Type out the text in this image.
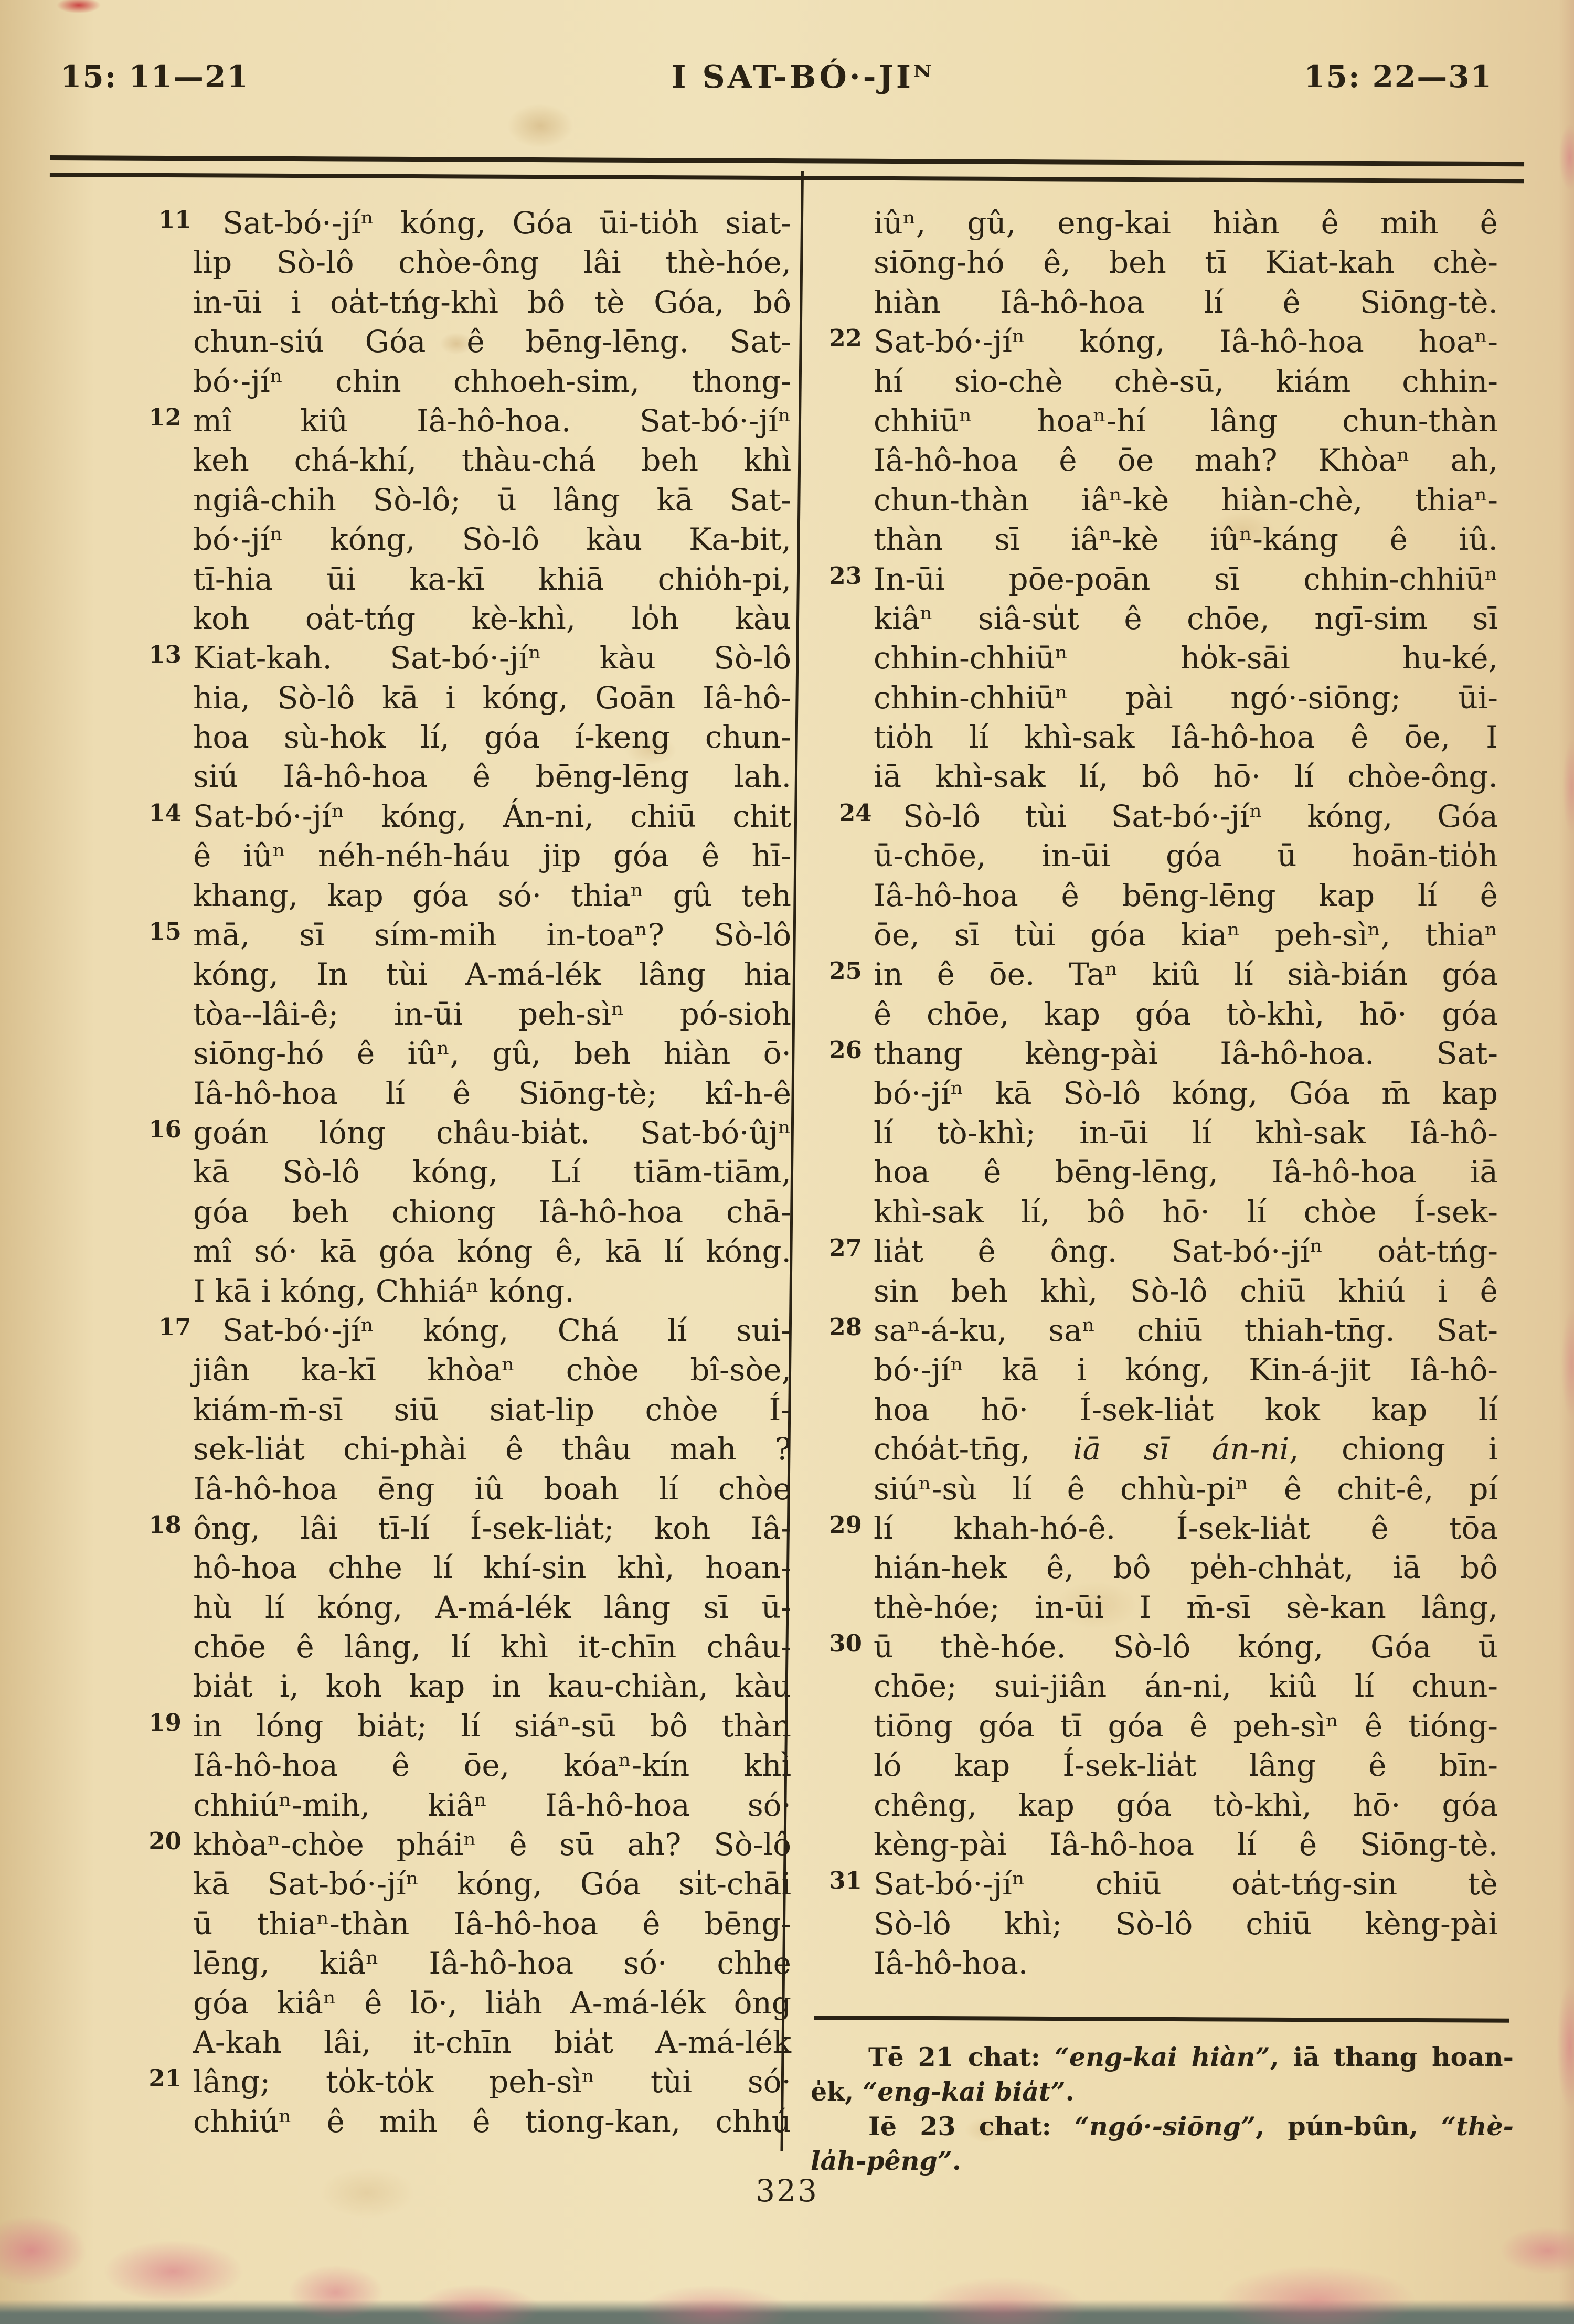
15: 11—21	I SAT-BÓ·-JIᴺ	15: 22—31
11 Sat-bó·-jíⁿ kóng, Góa ūi-tio̍h siat-
lip Sò-lô chòe-ông lâi thè-hóe,
in-ūi i oa̍t-tńg-khì bô tè Góa, bô
chun-siú Góa ê bēng-lēng. Sat-
bó·-jíⁿ chin chhoeh-sim, thong-
12 mî kiû Iâ-hô-hoa. Sat-bó·-jíⁿ
keh chá-khí, thàu-chá beh khì
ngiâ-chih Sò-lô; ū lâng kā Sat-
bó·-jíⁿ kóng, Sò-lô kàu Ka-bit,
tī-hia ūi ka-kī khiā chio̍h-pi,
koh oa̍t-tńg kè-khì, lo̍h kàu
13 Kiat-kah. Sat-bó·-jíⁿ kàu Sò-lô
hia, Sò-lô kā i kóng, Goān Iâ-hô-
hoa sù-hok lí, góa í-keng chun-
siú Iâ-hô-hoa ê bēng-lēng lah.
14 Sat-bó·-jíⁿ kóng, Án-ni, chiū chit
ê iûⁿ néh-néh-háu jip góa ê hī-
khang, kap góa só· thiaⁿ gû teh
15 mā, sī sím-mih in-toaⁿ? Sò-lô
kóng, In tùi A-má-lék lâng hia
tòa--lâi-ê; in-ūi peh-sìⁿ pó-sioh
siōng-hó ê iûⁿ, gû, beh hiàn ō·
Iâ-hô-hoa lí ê Siōng-tè; kî-h-ê
16 goán lóng châu-bia̍t. Sat-bó·ûjⁿ
kā Sò-lô kóng, Lí tiām-tiām,
góa beh chiong Iâ-hô-hoa chā-
mî só· kā góa kóng ê, kā lí kóng.
I kā i kóng, Chhiáⁿ kóng.
17 Sat-bó·-jíⁿ kóng, Chá lí sui-
jiân ka-kī khòaⁿ chòe bî-sòe,
kiám-m̄-sī siū siat-lip chòe Í-
sek-lia̍t chi-phài ê thâu mah ?
Iâ-hô-hoa ēng iû boah lí chòe
18 ông, lâi tī-lí Í-sek-lia̍t; koh Iâ-
hô-hoa chhe lí khí-sin khì, hoan-
hù lí kóng, A-má-lék lâng sī ū-
chōe ê lâng, lí khì it-chīn châu-
bia̍t i, koh kap in kau-chiàn, kàu
19 in lóng bia̍t; lí siáⁿ-sū bô thàn
Iâ-hô-hoa ê ōe, kóaⁿ-kín khì
chhiúⁿ-mih, kiâⁿ Iâ-hô-hoa só·
20 khòaⁿ-chòe pháiⁿ ê sū ah? Sò-lô
kā Sat-bó·-jíⁿ kóng, Góa si̍t-chāi
ū thiaⁿ-thàn Iâ-hô-hoa ê bēng-
lēng, kiâⁿ Iâ-hô-hoa só· chhe
góa kiâⁿ ê lō·, lia̍h A-má-lék ông
A-kah lâi, it-chīn bia̍t A-má-lék
21 lâng; to̍k-to̍k peh-sìⁿ tùi só·
chhiúⁿ ê mih ê tiong-kan, chhú
iûⁿ, gû, eng-kai hiàn ê mih ê
siōng-hó ê, beh tī Kiat-kah chè-
hiàn Iâ-hô-hoa lí ê Siōng-tè.
22 Sat-bó·-jíⁿ kóng, Iâ-hô-hoa hoaⁿ-
hí sio-chè chè-sū, kiám chhin-
chhiūⁿ hoaⁿ-hí lâng chun-thàn
Iâ-hô-hoa ê ōe mah? Khòaⁿ ah,
chun-thàn iâⁿ-kè hiàn-chè, thiaⁿ-
thàn sī iâⁿ-kè iûⁿ-káng ê iû.
23 In-ūi pōe-poān sī chhin-chhiūⁿ
kiâⁿ siâ-su̍t ê chōe, ngī-sim sī
chhin-chhiūⁿ ho̍k-sāi hu-ké,
chhin-chhiūⁿ pài ngó·-siōng; ūi-
tio̍h lí khì-sak Iâ-hô-hoa ê ōe, I
iā khì-sak lí, bô hō· lí chòe-ông.
24 Sò-lô tùi Sat-bó·-jíⁿ kóng, Góa
ū-chōe, in-ūi góa ū hoān-tio̍h
Iâ-hô-hoa ê bēng-lēng kap lí ê
ōe, sī tùi góa kiaⁿ peh-sìⁿ, thiaⁿ
25 in ê ōe. Taⁿ kiû lí sià-bián góa
ê chōe, kap góa tò-khì, hō· góa
26 thang kèng-pài Iâ-hô-hoa. Sat-
bó·-jíⁿ kā Sò-lô kóng, Góa m̄ kap
lí tò-khì; in-ūi lí khì-sak Iâ-hô-
hoa ê bēng-lēng, Iâ-hô-hoa iā
khì-sak lí, bô hō· lí chòe Í-sek-
27 lia̍t ê ông. Sat-bó·-jíⁿ oa̍t-tńg-
sin beh khì, Sò-lô chiū khiú i ê
28 saⁿ-á-ku, saⁿ chiū thiah-tn̄g. Sat-
bó·-jíⁿ kā i kóng, Kin-á-jit Iâ-hô-
hoa hō· Í-sek-lia̍t kok kap lí
chóa̍t-tn̄g, iā sī án-ni, chiong i
siúⁿ-sù lí ê chhù-piⁿ ê chit-ê, pí
29 lí khah-hó-ê. Í-sek-lia̍t ê tōa
hián-hek ê, bô pe̍h-chha̍t, iā bô
thè-hóe; in-ūi I m̄-sī sè-kan lâng,
30 ū thè-hóe. Sò-lô kóng, Góa ū
chōe; sui-jiân án-ni, kiû lí chun-
tiōng góa tī góa ê peh-sìⁿ ê tióng-
ló kap Í-sek-lia̍t lâng ê bīn-
chêng, kap góa tò-khì, hō· góa
kèng-pài Iâ-hô-hoa lí ê Siōng-tè.
31 Sat-bó·-jíⁿ chiū oa̍t-tńg-sin tè
Sò-lô khì; Sò-lô chiū kèng-pài
Iâ-hô-hoa.
Tē 21 chat: “eng-kai hiàn”, iā thang hoan-
e̍k, “eng-kai bia̍t”.
Iē 23 chat: “ngó·-siōng”, pún-bûn, “thè-
la̍h-pêng”.
323
